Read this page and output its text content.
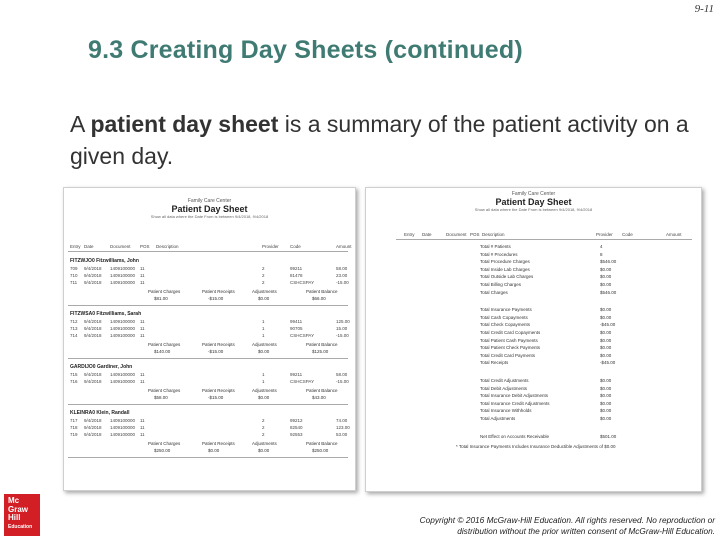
9-11
9.3 Creating Day Sheets (continued)
A patient day sheet is a summary of the patient activity on a given day.
Family Care Center
Patient Day Sheet
Show all data where the Date From is between 9/4/2018, 9/4/2018
Entry Date	Document POS Description	Provider Code	Amount
FITZWJO0 Fitzwilliams, John
709 9/4/2018 1409100000 11	2	99211	58.00
710 9/4/2018 1409100000 11	2	81478	23.00
711 9/4/2018 1409100000 11	2	CSHCSPAY	-15.00
Patient Charges	Patient Receipts	Adjustments	Patient Balance
$81.00	-$15.00	$0.00	$66.00
FITZWSA0 Fitzwilliams, Sarah
712 9/4/2018 1409100000 11	1	99411	125.00
713 9/4/2018 1409100000 11	1	90705	15.00
714 9/4/2018 1409100000 11	1	CSHCSPAY	-15.00
Patient Charges	Patient Receipts	Adjustments	Patient Balance
$140.00	-$15.00	$0.00	$125.00
GARDIJO0 Gardiner, John
715 9/4/2018 1409100000 11	1	99211	58.00
716 9/4/2018 1409100000 11	1	CSHCSPAY	-15.00
Patient Charges	Patient Receipts	Adjustments	Patient Balance
$58.00	-$15.00	$0.00	$43.00
KLEINRA0 Klein, Randall
717 9/4/2018 1409100000 11	2	99212	74.00
718 9/4/2018 1409100000 11	2	82540	123.00
719 9/4/2018 1409100000 11	2	92553	53.00
Patient Charges	Patient Receipts	Adjustments	Patient Balance
$250.00	$0.00	$0.00	$250.00
Family Care Center
Patient Day Sheet
Show all data where the Date From is between 9/4/2018, 9/4/2018
Entry Date	Document POS Description	Provider Code	Amount
Total # Patients	4
Total # Procedures	8
Total Procedure Charges	$546.00
Total Inside Lab Charges	$0.00
Total Outside Lab Charges	$0.00
Total Billing Charges	$0.00
Total Charges	$546.00
Total Insurance Payments	$0.00
Total Cash Copayments	$0.00
Total Check Copayments	-$45.00
Total Credit Card Copayments	$0.00
Total Patient Cash Payments	$0.00
Total Patient Check Payments	$0.00
Total Credit Card Payments	$0.00
Total Receipts	-$45.00
Total Credit Adjustments	$0.00
Total Debit Adjustments	$0.00
Total Insurance Debit Adjustments	$0.00
Total Insurance Credit Adjustments	$0.00
Total Insurance Withholds	$0.00
Total Adjustments	$0.00
Net Effect on Accounts Receivable	$501.00
* Total Insurance Payments Includes Insurance Deductible Adjustments of $0.00
Mc
Graw
Hill
Education
Copyright © 2016 McGraw-Hill Education. All rights reserved. No reproduction or
distribution without the prior written consent of McGraw-Hill Education.
